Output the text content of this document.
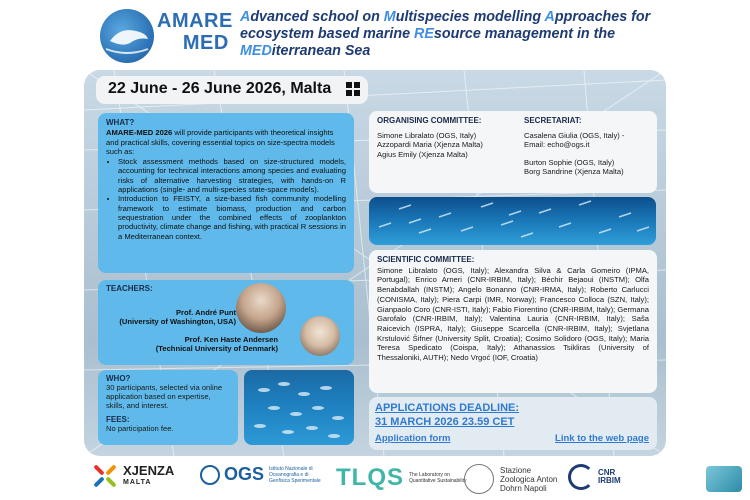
AMARE
MED
Advanced school on Multispecies modelling Approaches for ecosystem based marine REsource management in the MEDiterranean Sea
22 June - 26 June 2026, Malta
WHAT?

AMARE-MED 2026 will provide participants with theoretical insights and practical skills, covering essential topics on size-spectra models such as:

• Stock assessment methods based on size-structured models, accounting for technical interactions among species and evaluating risks of alternative harvesting strategies, with hands-on R applications (single- and multi-species state-space models).
• Introduction to FEISTY, a size-based fish community modelling framework to estimate biomass, production and carbon sequestration under the combined effects of zooplankton productivity, climate change and fishing, with practical R sessions in a Mediterranean context.
TEACHERS:
Prof. André Punt
(University of Washington, USA)
Prof. Ken Haste Andersen
(Technical University of Denmark)
WHO?

30 participants, selected via online application based on expertise, skills, and interest.

FEES:

No participation fee.

ORGANISING COMMITTEE:
Simone Libralato (OGS, Italy)
Azzopardi Maria (Xjenza Malta)
Agius Emily (Xjenza Malta)
SECRETARIAT:
Casalena Giulia (OGS, Italy) -
Email: echo@ogs.it
Burton Sophie (OGS, Italy)
Borg Sandrine (Xjenza Malta)
SCIENTIFIC COMMITTEE:

Simone Libralato (OGS, Italy); Alexandra Silva & Carla Gomeiro (IPMA, Portugal); Enrico Arneri (CNR-IRBIM, Italy); Béchir Bejaoui (INSTM); Olfa Benabdallah (INSTM); Angelo Bonanno (CNR-IRMA, Italy); Roberto Carlucci (CONISMA, Italy); Piera Carpi (IMR, Norway); Francesco Colloca (SZN, Italy); Gianpaolo Coro (CNR-ISTI, Italy); Fabio Fiorentino (CNR-IRBIM, Italy); Germana Garofalo (CNR-IRBIM, Italy); Valentina Lauria (CNR-IRBIM, Italy); Saša Raicevich (ISPRA, Italy); Giuseppe Scarcella (CNR-IRBIM, Italy); Svjetlana Krstulović Šifner (University Split, Croatia); Cosimo Solidoro (OGS, Italy); Maria Teresa Spedicato (Coispa, Italy); Athanassios Tsikliras (University of Thessaloniki, AUTH); Nedo Vrgoć (IOF, Croatia)

APPLICATIONS DEADLINE:
31 MARCH 2026 23.59 CET
Application form	Link to the web page
XJENZA
MALTA	OGS Istituto Nazionale di Oceanografia e di Geofisica Sperimentale TLQS The Laboratory on Quantitative Sustainability
Stazione Zoologica Anton Dohrn Napoli
CNR
IRBIM
